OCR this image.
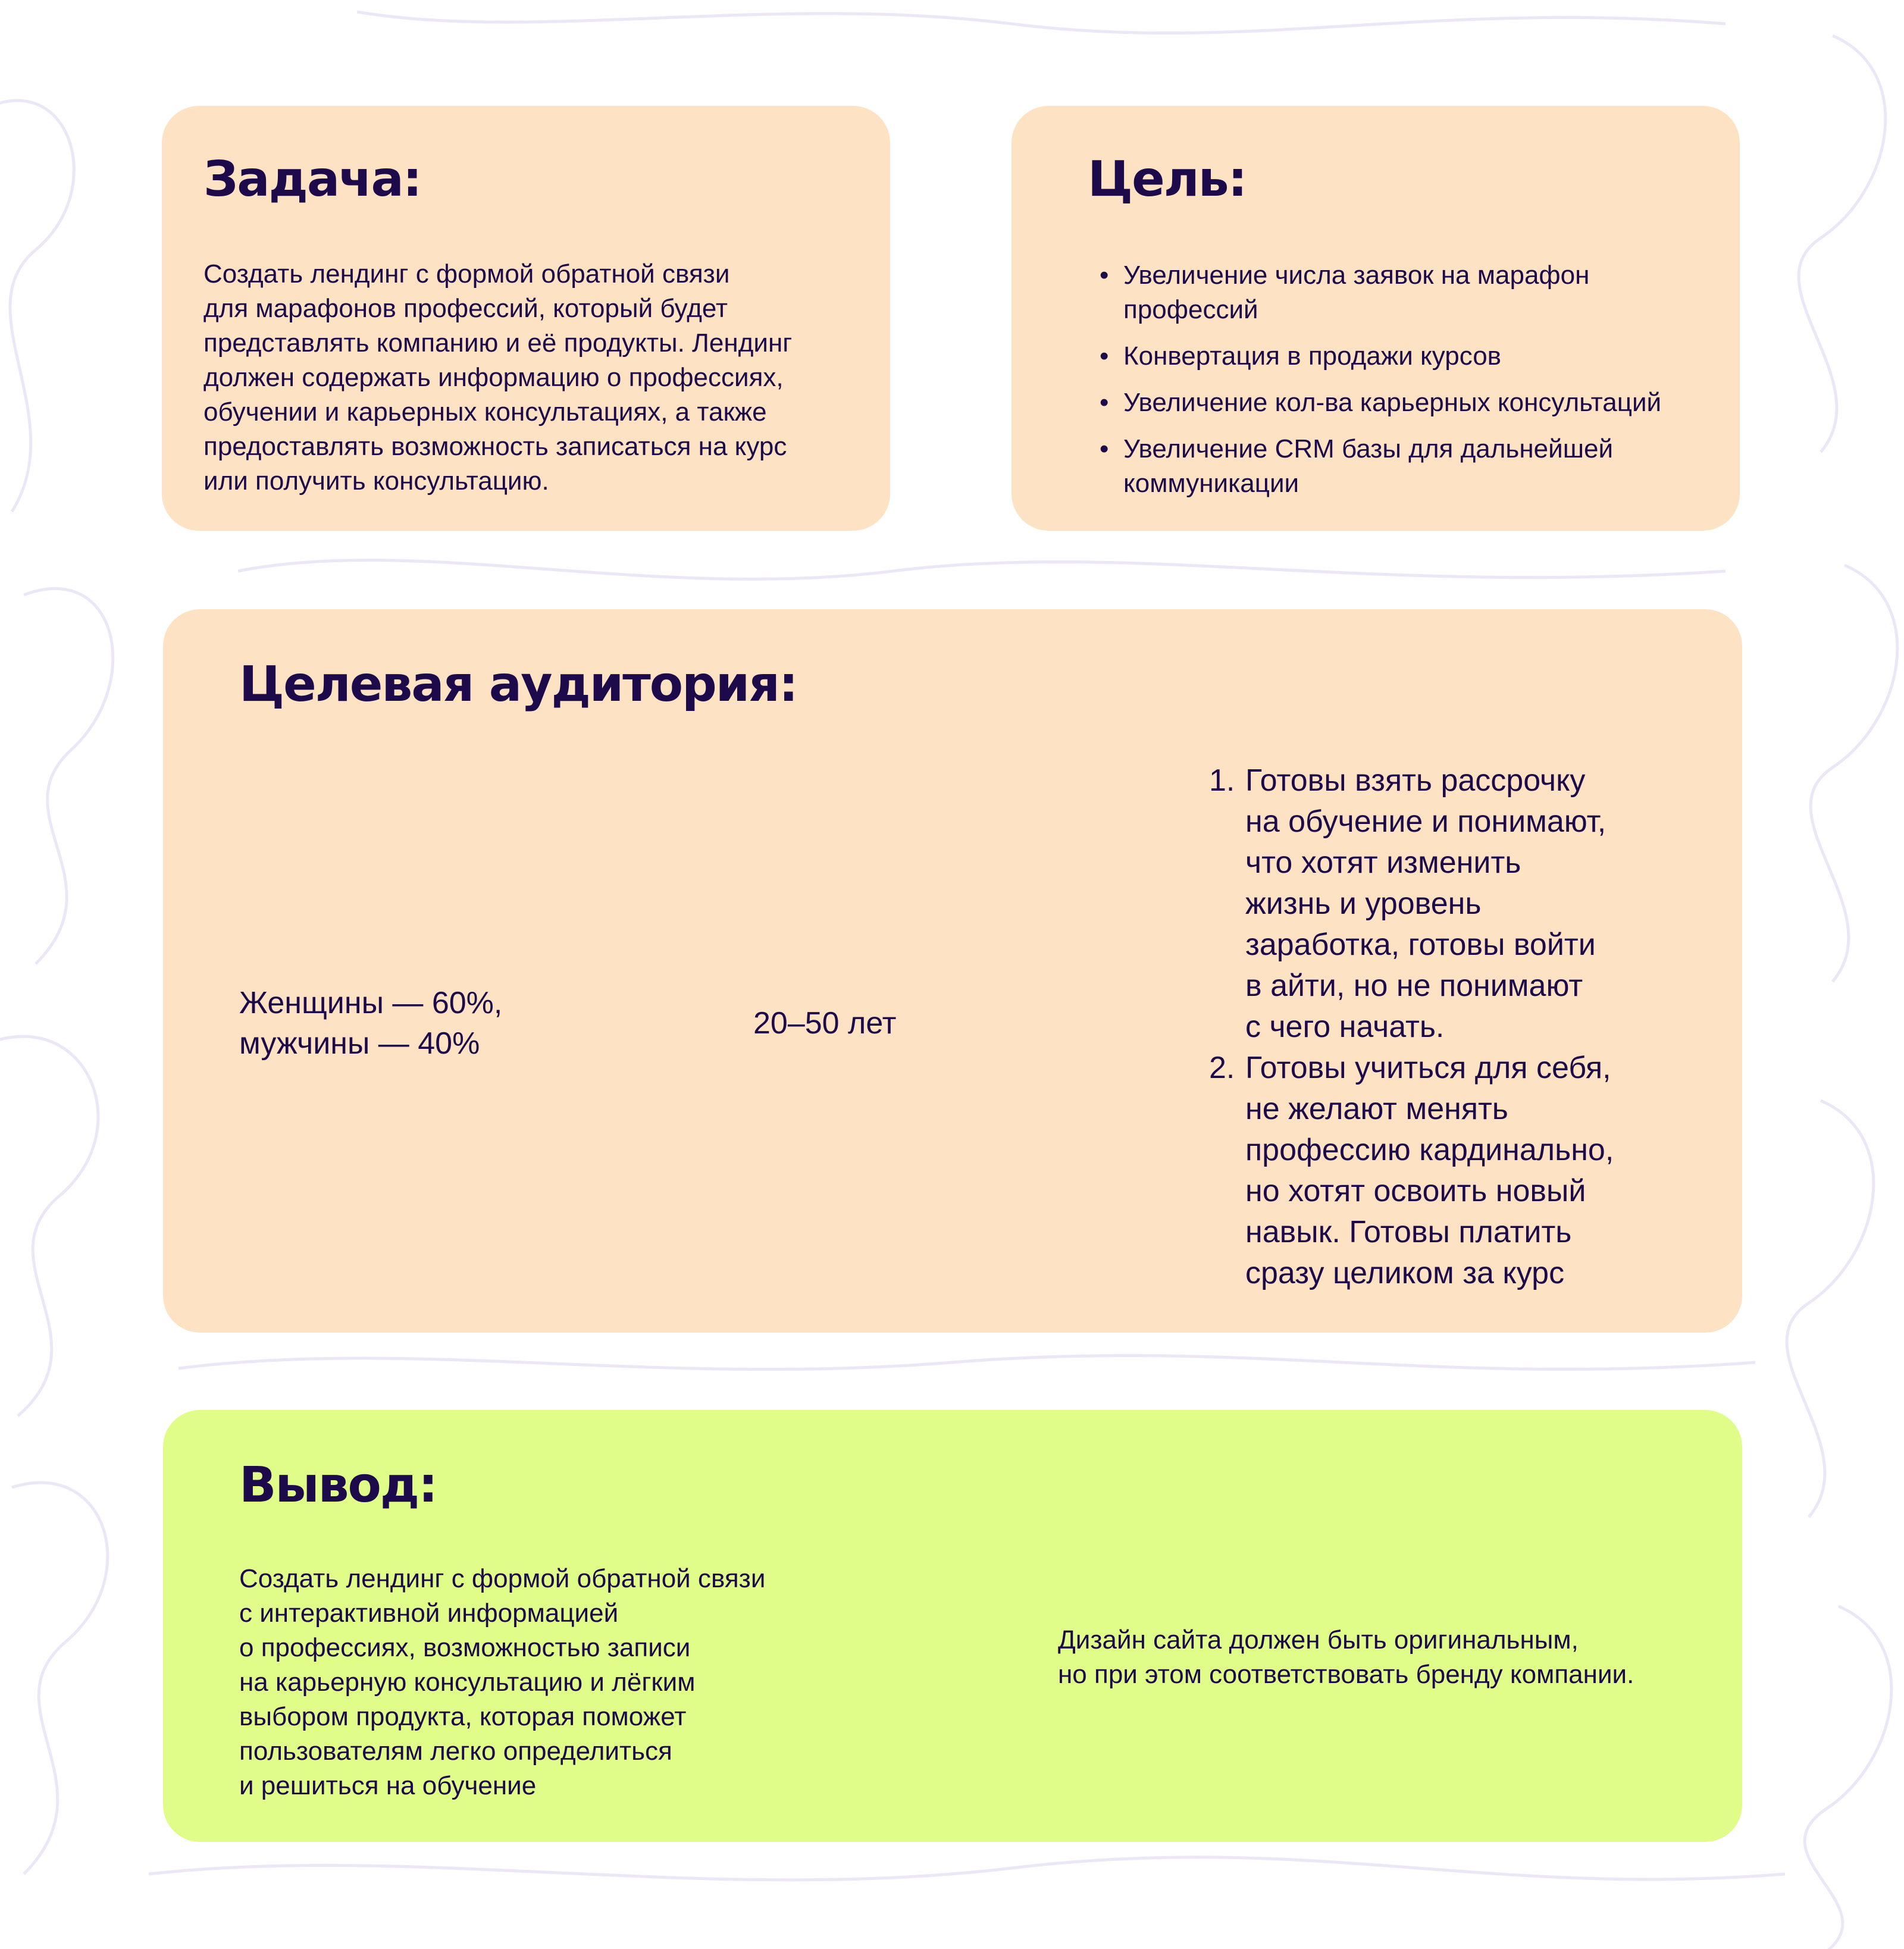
Задача:

Создать лендинг с формой обратной связи
для марафонов профессий, который будет
представлять компанию и её продукты. Лендинг
должен содержать информацию о профессиях,
обучении и карьерных консультациях, а также
предоставлять возможность записаться на курс
или получить консультацию.

Цель:
• Увеличение числа заявок на марафон
профессий
• Конвертация в продажи курсов
• Увеличение кол-ва карьерных консультаций
• Увеличение CRM базы для дальнейшей
коммуникации
Целевая аудитория:

Женщины — 60%,
мужчины — 40%

20–50 лет

1. Готовы взять рассрочку
на обучение и понимают,
что хотят изменить
жизнь и уровень
заработка, готовы войти
в айти, но не понимают
с чего начать.
2. Готовы учиться для себя,
не желают менять
профессию кардинально,
но хотят освоить новый
навык. Готовы платить
сразу целиком за курс
Вывод:

Создать лендинг с формой обратной связи
с интерактивной информацией
о профессиях, возможностью записи
на карьерную консультацию и лёгким
выбором продукта, которая поможет
пользователям легко определиться
и решиться на обучение

Дизайн сайта должен быть оригинальным,
но при этом соответствовать бренду компании.
